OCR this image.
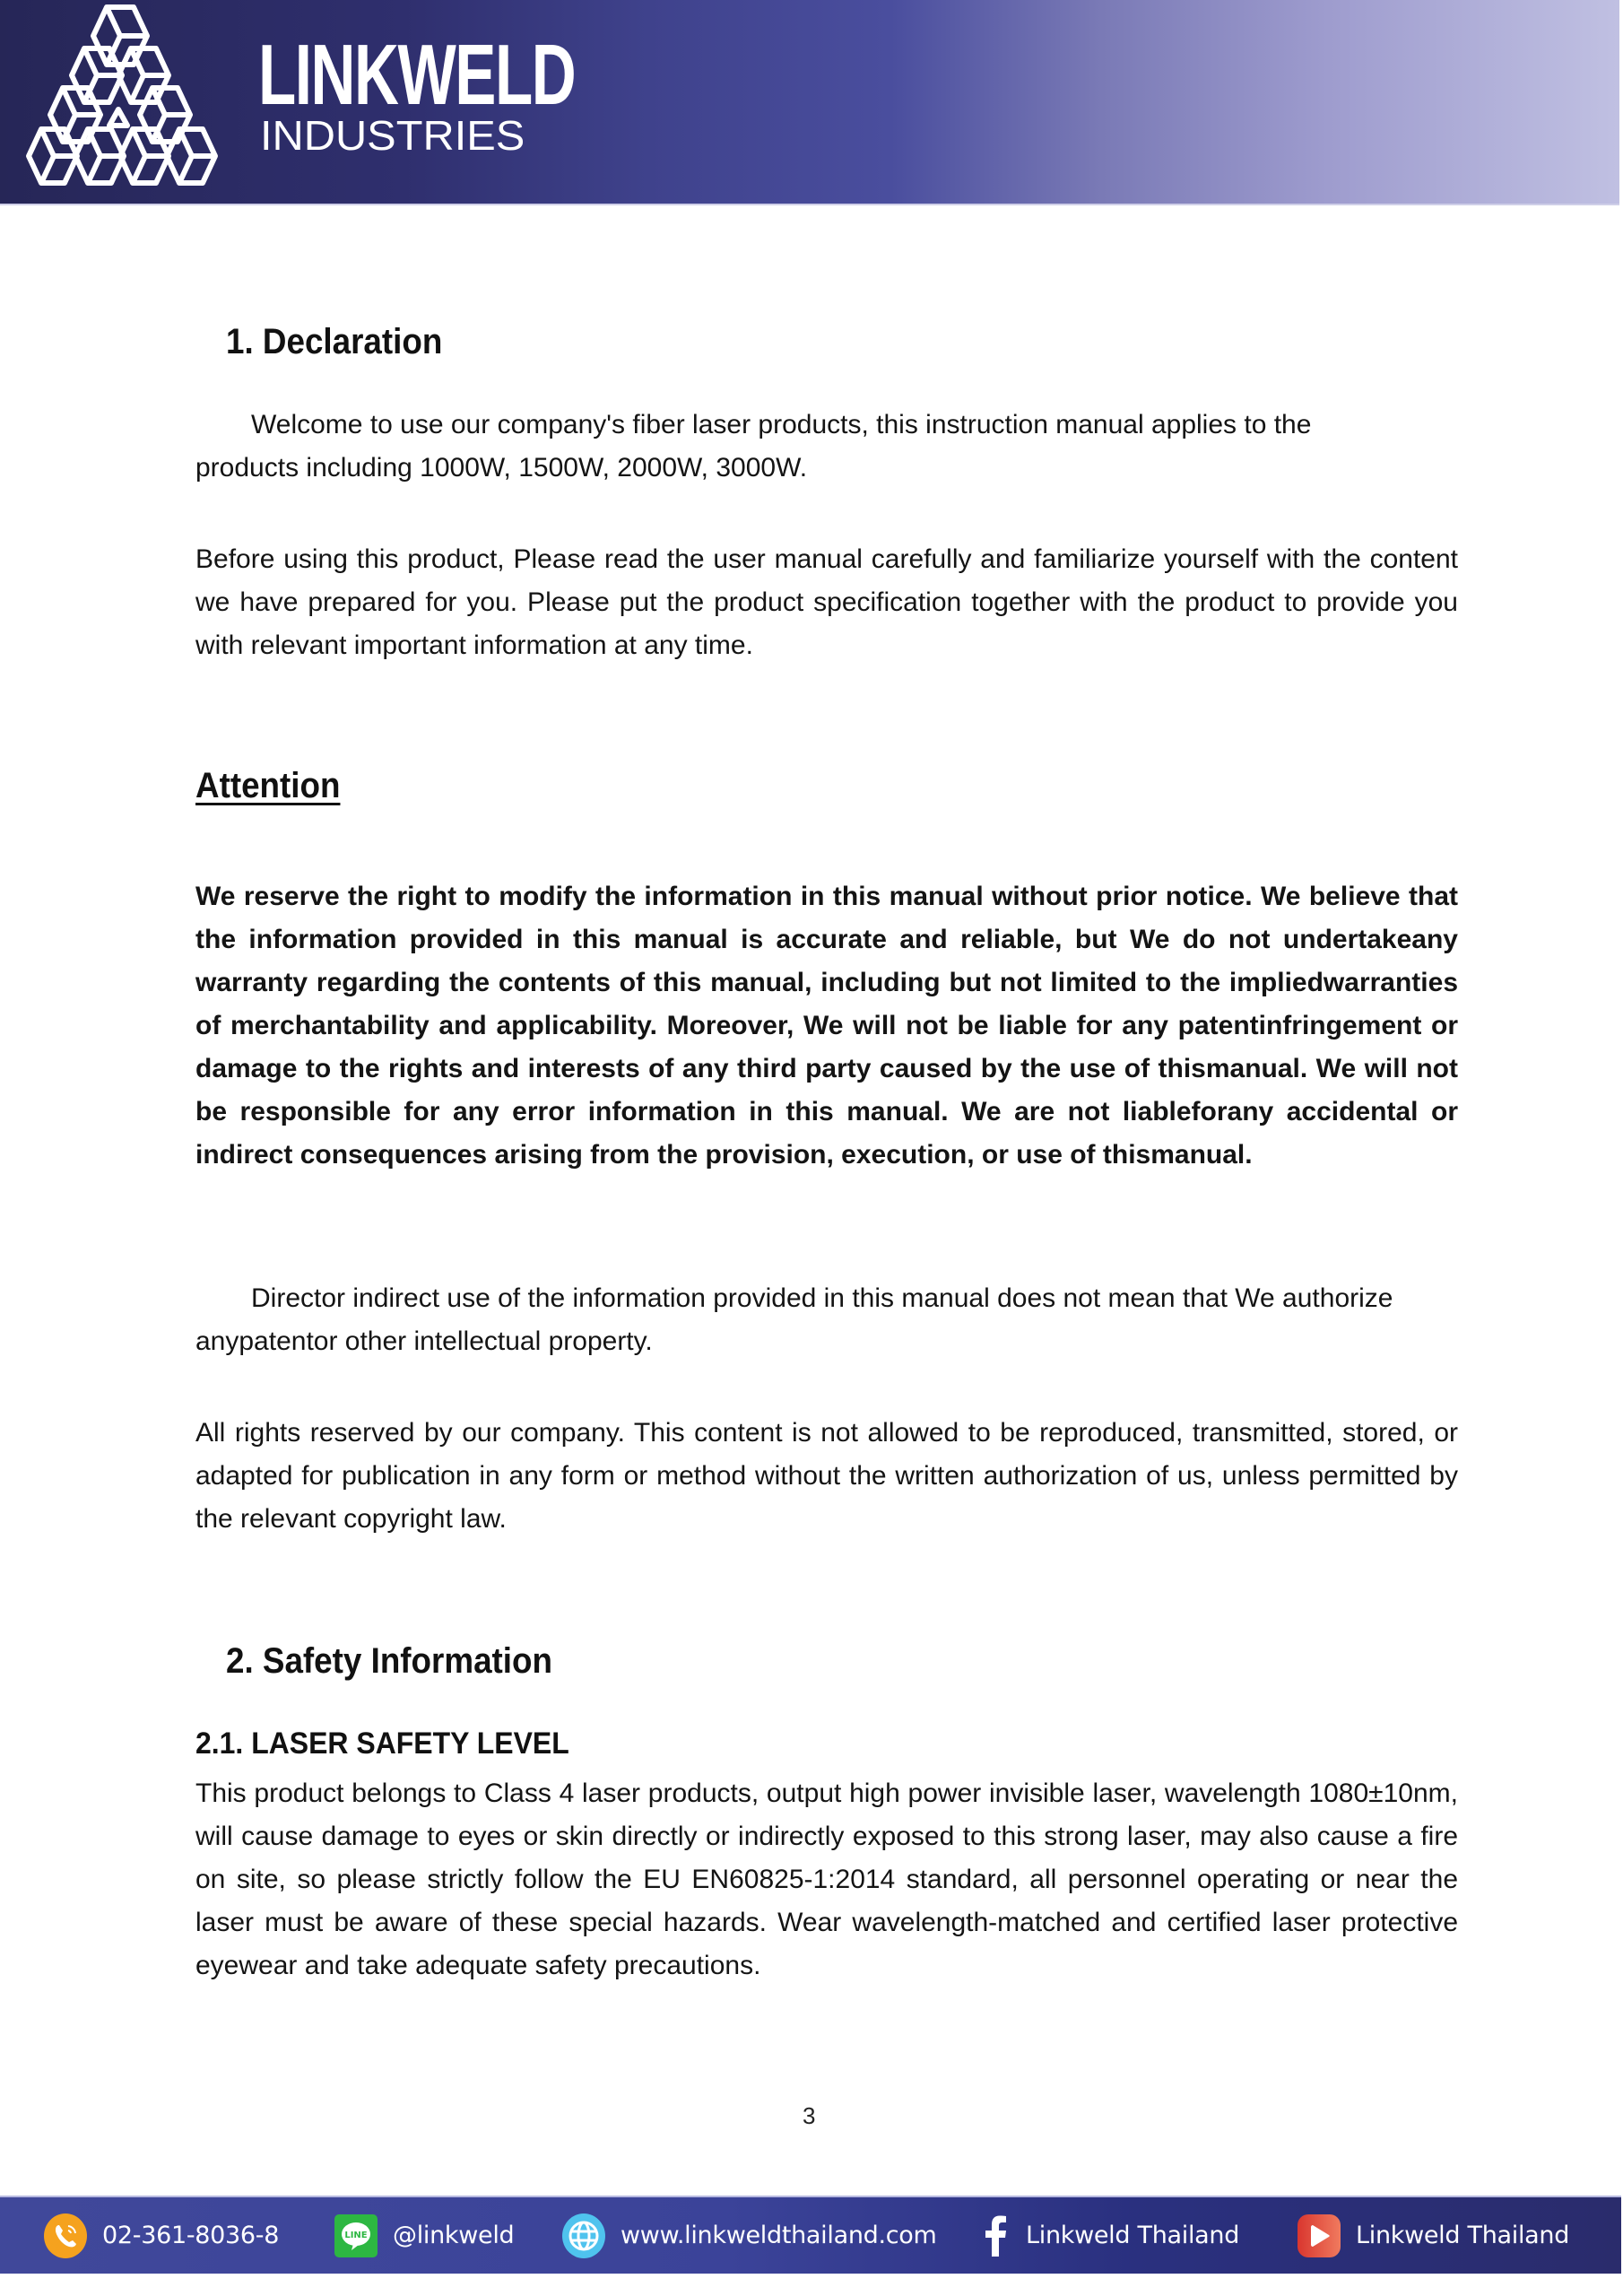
LINKWELD
INDUSTRIES
1. Declaration
Welcome to use our company's fiber laser products, this instruction manual applies to the
products including 1000W, 1500W, 2000W, 3000W.
Before using this product, Please read the user manual carefully and familiarize yourself with the content we have prepared for you. Please put the product specification together with the product to provide you with relevant important information at any time.
Attention
We reserve the right to modify the information in this manual without prior notice. We believe that the information provided in this manual is accurate and reliable, but We do not undertakeany warranty regarding the contents of this manual, including but not limited to the impliedwarranties of merchantability and applicability. Moreover, We will not be liable for any patentinfringement or damage to the rights and interests of any third party caused by the use of thismanual. We will not be responsible for any error information in this manual. We are not liableforany accidental or indirect consequences arising from the provision, execution, or use of thismanual.
Director indirect use of the information provided in this manual does not mean that We authorize
anypatentor other intellectual property.
All rights reserved by our company. This content is not allowed to be reproduced, transmitted, stored, or adapted for publication in any form or method without the written authorization of us, unless permitted by the relevant copyright law.
2. Safety Information
2.1. LASER SAFETY LEVEL
This product belongs to Class 4 laser products, output high power invisible laser, wavelength 1080±10nm, will cause damage to eyes or skin directly or indirectly exposed to this strong laser, may also cause a fire on site, so please strictly follow the EU EN60825-1:2014 standard, all personnel operating or near the laser must be aware of these special hazards. Wear wavelength-matched and certified laser protective eyewear and take adequate safety precautions.
3
02-361-8036-8	LINE @linkweld	www.linkweldthailand.com	Linkweld Thailand	Linkweld Thailand
